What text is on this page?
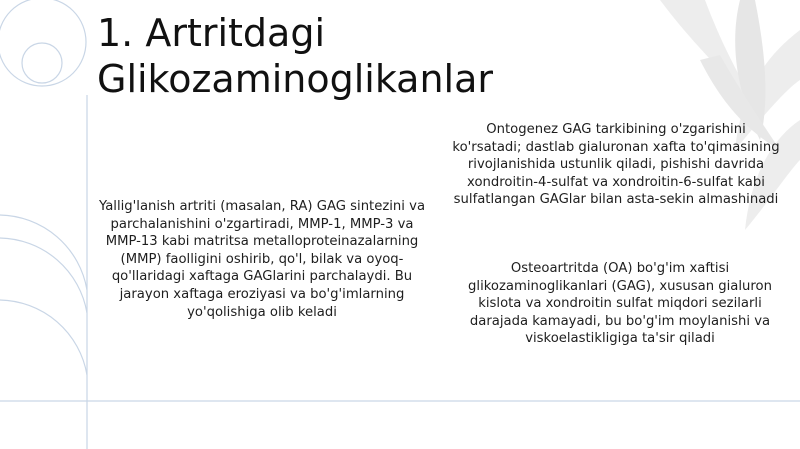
1. Artritdagi
Glikozaminoglikanlar

Yallig'lanish artriti (masalan, RA) GAG sintezini va parchalanishini o'zgartiradi, MMP-1, MMP-3 va MMP-13 kabi matritsa metalloproteinazalarning (MMP) faolligini oshirib, qo'l, bilak va oyoq-qo'llaridagi xaftaga GAGlarini parchalaydi. Bu jarayon xaftaga eroziyasi va bo'g'imlarning yo'qolishiga olib keladi

Ontogenez GAG tarkibining o'zgarishini ko'rsatadi; dastlab gialuronan xafta to'qimasining rivojlanishida ustunlik qiladi, pishishi davrida xondroitin-4-sulfat va xondroitin-6-sulfat kabi sulfatlangan GAGlar bilan asta-sekin almashinadi

Osteoartritda (OA) bo'g'im xaftisi glikozaminoglikanlari (GAG), xususan gialuron kislota va xondroitin sulfat miqdori sezilarli darajada kamayadi, bu bo'g'im moylanishi va viskoelastikligiga ta'sir qiladi
